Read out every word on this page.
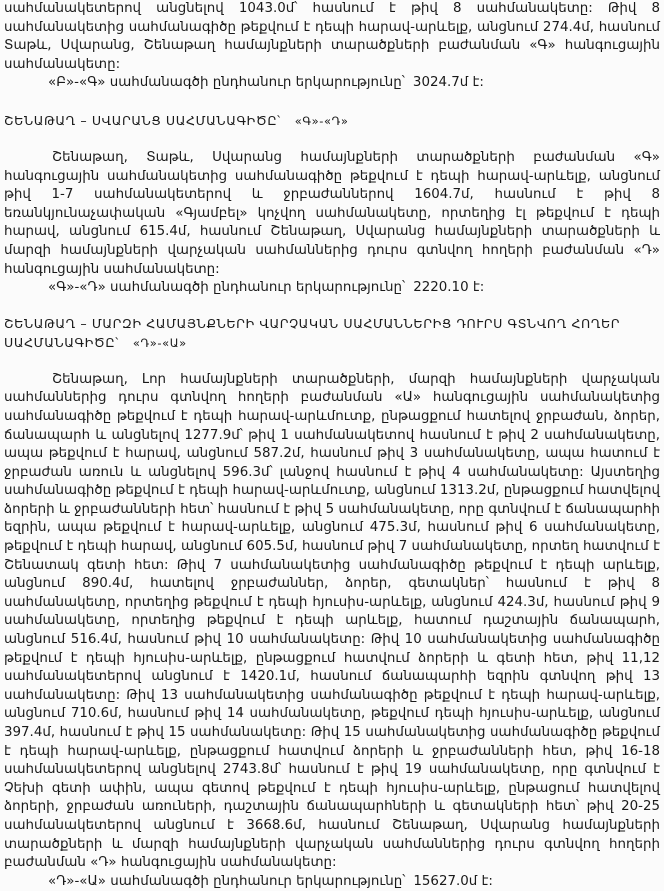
սահմանակետերով անցնելով 1043.0մ՝ հասնում է թիվ 8 սահմանակետը: Թիվ 8 սահմանակետից սահմանագիծը թեքվում է դեպի հարավ-արևելք, անցնում 274.4մ, հասնում Տաթև, Սվարանց, Շենաթաղ համայնքների տարածքների բաժանման «Գ» հանգուցային սահմանակետը:

«Բ»-«Գ» սահմանագծի ընդհանուր երկարությունը՝ 3024.7մ է:

ՇԵՆԱԹԱՂ – ՍՎԱՐԱՆՑ ՍԱՀՄԱՆԱԳԻԾԸ՝ «Գ»-«Դ»

Շենաթաղ, Տաթև, Սվարանց համայնքների տարածքների բաժանման «Գ» հանգուցային սահմանակետից սահմանագիծը թեքվում է դեպի հարավ-արևելք, անցնում թիվ 1-7 սահմանակետերով և ջրբաժաններով 1604.7մ, հասնում է թիվ 8 եռանկյունաչափական «Գյամբել» կոչվող սահմանակետը, որտեղից էլ թեքվում է դեպի հարավ, անցնում 615.4մ, հասնում Շենաթաղ, Սվարանց համայնքների տարածքների և մարզի համայնքների վարչական սահմաններից դուրս գտնվող հողերի բաժանման «Դ» հանգուցային սահմանակետը:

«Գ»-«Դ» սահմանագծի ընդհանուր երկարությունը՝ 2220.10 է:

ՇԵՆԱԹԱՂ – ՄԱՐԶԻ ՀԱՄԱՅՆՔՆԵՐԻ ՎԱՐՉԱԿԱՆ ՍԱՀՄԱՆՆԵՐԻՑ ԴՈՒՐՍ ԳՏՆՎՈՂ ՀՈՂԵՐ
ՍԱՀՄԱՆԱԳԻԾԸ՝ «Դ»-«Ա»

Շենաթաղ, Լոր համայնքների տարածքների, մարզի համայնքների վարչական սահմաններից դուրս գտնվող հողերի բաժանման «Ա» հանգուցային սահմանակետից սահմանագիծը թեքվում է դեպի հարավ-արևմուտք, ընթացքում հատելով ջրբաժան, ձորեր, ճանապարհ և անցնելով 1277.9մ՝ թիվ 1 սահմանակետով հասնում է թիվ 2 սահմանակետը, ապա թեքվում է հարավ, անցնում 587.2մ, հասնում թիվ 3 սահմանակետը, ապա հատում է ջրբաժան առուն և անցնելով 596.3մ՝ լանջով հասնում է թիվ 4 սահմանակետը: Այստեղից սահմանագիծը թեքվում է դեպի հարավ-արևմուտք, անցնում 1313.2մ, ընթացքում հատվելով ձորերի և ջրբաժանների հետ՝ հասնում է թիվ 5 սահմանակետը, որը գտնվում է ճանապարհի եզրին, ապա թեքվում է հարավ-արևելք, անցնում 475.3մ, հասնում թիվ 6 սահմանակետը, թեքվում է դեպի հարավ, անցնում 605.5մ, հասնում թիվ 7 սահմանակետը, որտեղ հատվում է Շենատակ գետի հետ: Թիվ 7 սահմանակետից սահմանագիծը թեքվում է դեպի արևելք, անցնում 890.4մ, հատելով ջրբաժաններ, ձորեր, գետակներ՝ հասնում է թիվ 8 սահմանակետը, որտեղից թեքվում է դեպի հյուսիս-արևելք, անցնում 424.3մ, հասնում թիվ 9 սահմանակետը, որտեղից թեքվում է դեպի արևելք, հատում դաշտային ճանապարհ, անցնում 516.4մ, հասնում թիվ 10 սահմանակետը: Թիվ 10 սահմանակետից սահմանագիծը թեքվում է դեպի հյուսիս-արևելք, ընթացքում հատվում ձորերի և գետի հետ, թիվ 11,12 սահմանակետերով անցնում է 1420.1մ, հասնում ճանապարհի եզրին գտնվող թիվ 13 սահմանակետը: Թիվ 13 սահմանակետից սահմանագիծը թեքվում է դեպի հարավ-արևելք, անցնում 710.6մ, հասնում թիվ 14 սահմանակետը, թեքվում դեպի հյուսիս-արևելք, անցնում 397.4մ, հասնում է թիվ 15 սահմանակետը: Թիվ 15 սահմանակետից սահմանագիծը թեքվում է դեպի հարավ-արևելք, ընթացքում հատվում ձորերի և ջրբաժանների հետ, թիվ 16-18 սահմանակետերով անցնելով 2743.8մ՝ հասնում է թիվ 19 սահմանակետը, որը գտնվում է Չեխի գետի ափին, ապա գետով թեքվում է դեպի հյուսիս-արևելք, ընթացում հատվելով ձորերի, ջրբաժան առուների, դաշտային ճանապարհների և գետակների հետ՝ թիվ 20-25 սահմանակետերով անցնում է 3668.6մ, հասնում Շենաթաղ, Սվարանց համայնքների տարածքների և մարզի համայնքների վարչական սահմաններից դուրս գտնվող հողերի բաժանման «Դ» հանգուցային սահմանակետը:

«Դ»-«Ա» սահմանագծի ընդհանուր երկարությունը՝ 15627.0մ է:
